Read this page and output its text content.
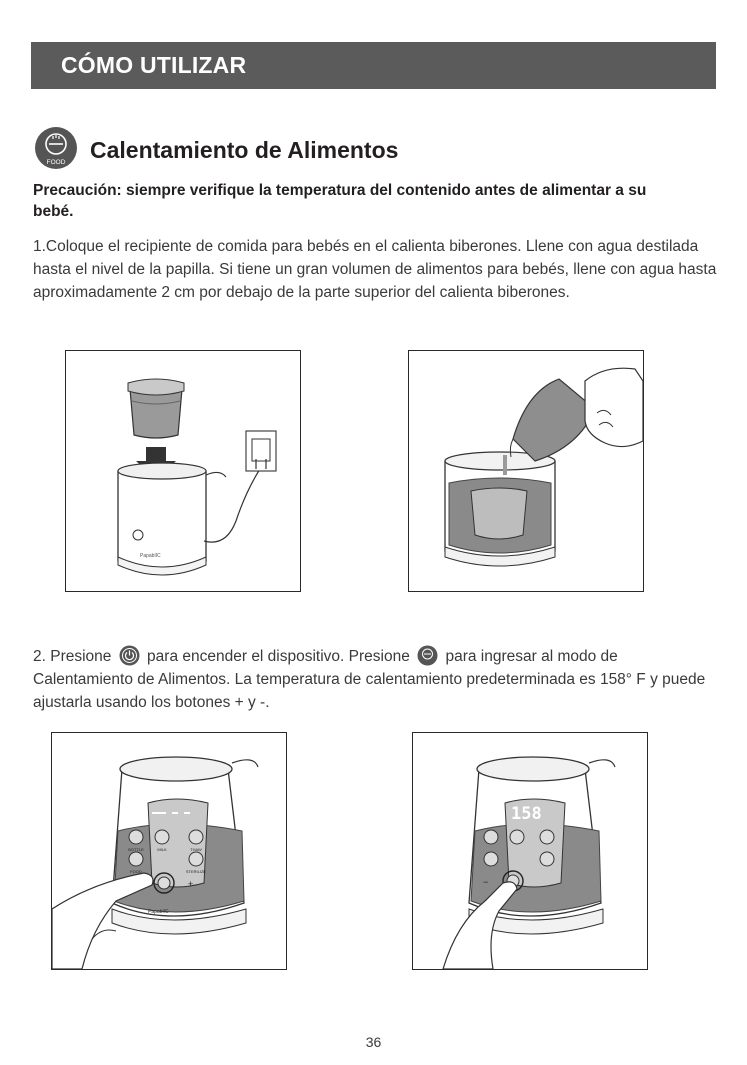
CÓMO UTILIZAR
FOOD Calentamiento de Alimentos

Precaución: siempre verifique la temperatura del contenido antes de alimentar a su bebé.

1.Coloque el recipiente de comida para bebés en el calienta biberones. Llene con agua destilada hasta el nivel de la papilla. Si tiene un gran volumen de alimentos para bebés, llene con agua hasta aproximadamente 2 cm por debajo de la parte superior del calienta biberones.

PapablIC

2. Presione para encender el dispositivo. Presione para ingresar al modo de Calentamiento de Alimentos. La temperatura de calentamiento predeterminada es 158° F y puede ajustarla usando los botones + y -.

BOTTLE	MILK	THAW
FOOD	STERILIZE
+
PapablIC
158
−
36
